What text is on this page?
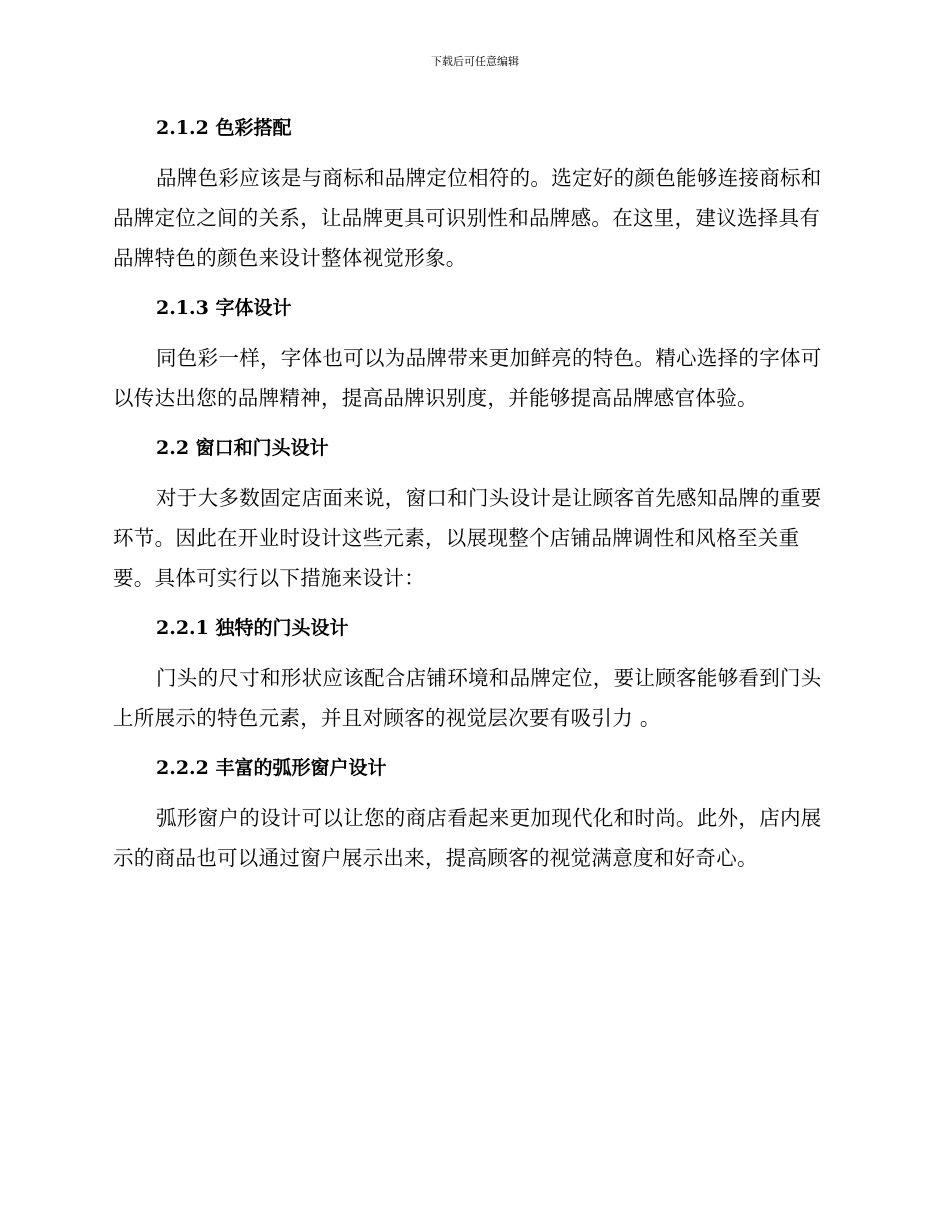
下载后可任意编辑
2.1.2 色彩搭配

品牌色彩应该是与商标和品牌定位相符的。选定好的颜色能够连接商标和品牌定位之间的关系，让品牌更具可识别性和品牌感。在这里，建议选择具有品牌特色的颜色来设计整体视觉形象。

2.1.3 字体设计

同色彩一样，字体也可以为品牌带来更加鲜亮的特色。精心选择的字体可以传达出您的品牌精神，提高品牌识别度，并能够提高品牌感官体验。

2.2 窗口和门头设计

对于大多数固定店面来说，窗口和门头设计是让顾客首先感知品牌的重要环节。因此在开业时设计这些元素，以展现整个店铺品牌调性和风格至关重要。具体可实行以下措施来设计：

2.2.1 独特的门头设计

门头的尺寸和形状应该配合店铺环境和品牌定位，要让顾客能够看到门头上所展示的特色元素，并且对顾客的视觉层次要有吸引力 。

2.2.2 丰富的弧形窗户设计

弧形窗户的设计可以让您的商店看起来更加现代化和时尚。此外，店内展示的商品也可以通过窗户展示出来，提高顾客的视觉满意度和好奇心。
